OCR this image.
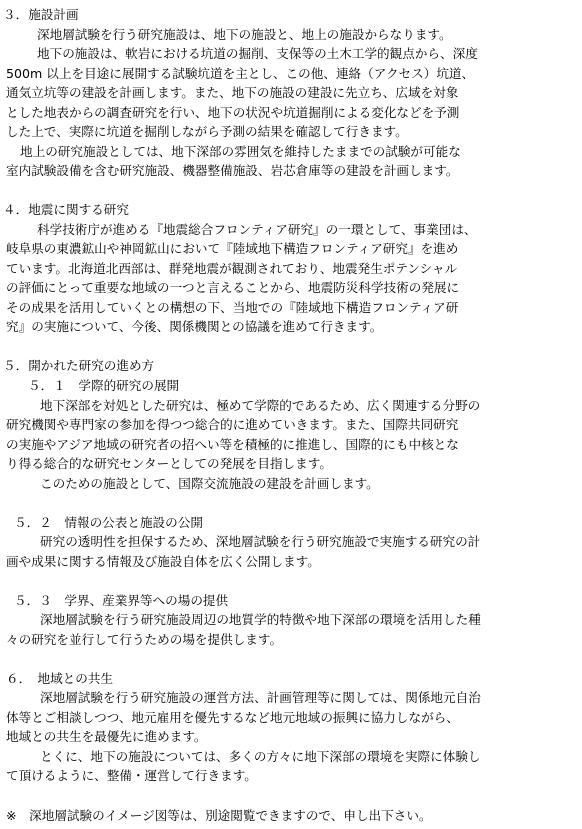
３．施設計画
深地層試験を行う研究施設は、地下の施設と、地上の施設からなります。
地下の施設は、軟岩における坑道の掘削、支保等の土木工学的観点から、深度
500m 以上を目途に展開する試験坑道を主とし、この他、連絡（アクセス）坑道、
通気立坑等の建設を計画します。また、地下の施設の建設に先立ち、広域を対象
とした地表からの調査研究を行い、地下の状況や坑道掘削による変化などを予測
した上で、実際に坑道を掘削しながら予測の結果を確認して行きます。
地上の研究施設としては、地下深部の雰囲気を維持したままでの試験が可能な
室内試験設備を含む研究施設、機器整備施設、岩芯倉庫等の建設を計画します。
４．地震に関する研究
科学技術庁が進める『地震総合フロンティア研究』の一環として、事業団は、
岐阜県の東濃鉱山や神岡鉱山において『陸域地下構造フロンティア研究』を進め
ています。北海道北西部は、群発地震が観測されており、地震発生ポテンシャル
の評価にとって重要な地域の一つと言えることから、地震防災科学技術の発展に
その成果を活用していくとの構想の下、当地での『陸域地下構造フロンティア研
究』の実施について、今後、関係機関との協議を進めて行きます。
５．開かれた研究の進め方
５．１　学際的研究の展開
地下深部を対処とした研究は、極めて学際的であるため、広く関連する分野の
研究機関や専門家の参加を得つつ総合的に進めていきます。また、国際共同研究
の実施やアジア地域の研究者の招へい等を積極的に推進し、国際的にも中核とな
り得る総合的な研究センターとしての発展を目指します。
このための施設として、国際交流施設の建設を計画します。
５．２　情報の公表と施設の公開
研究の透明性を担保するため、深地層試験を行う研究施設で実施する研究の計
画や成果に関する情報及び施設自体を広く公開します。
５．３　学界、産業界等への場の提供
深地層試験を行う研究施設周辺の地質学的特徴や地下深部の環境を活用した種
々の研究を並行して行うための場を提供します。
６．　地域との共生
深地層試験を行う研究施設の運営方法、計画管理等に関しては、関係地元自治
体等とご相談しつつ、地元雇用を優先するなど地元地域の振興に協力しながら、
地域との共生を最優先に進めます。
とくに、地下の施設については、多くの方々に地下深部の環境を実際に体験し
て頂けるように、整備・運営して行きます。
※　深地層試験のイメージ図等は、別途閲覧できますので、申し出下さい。
